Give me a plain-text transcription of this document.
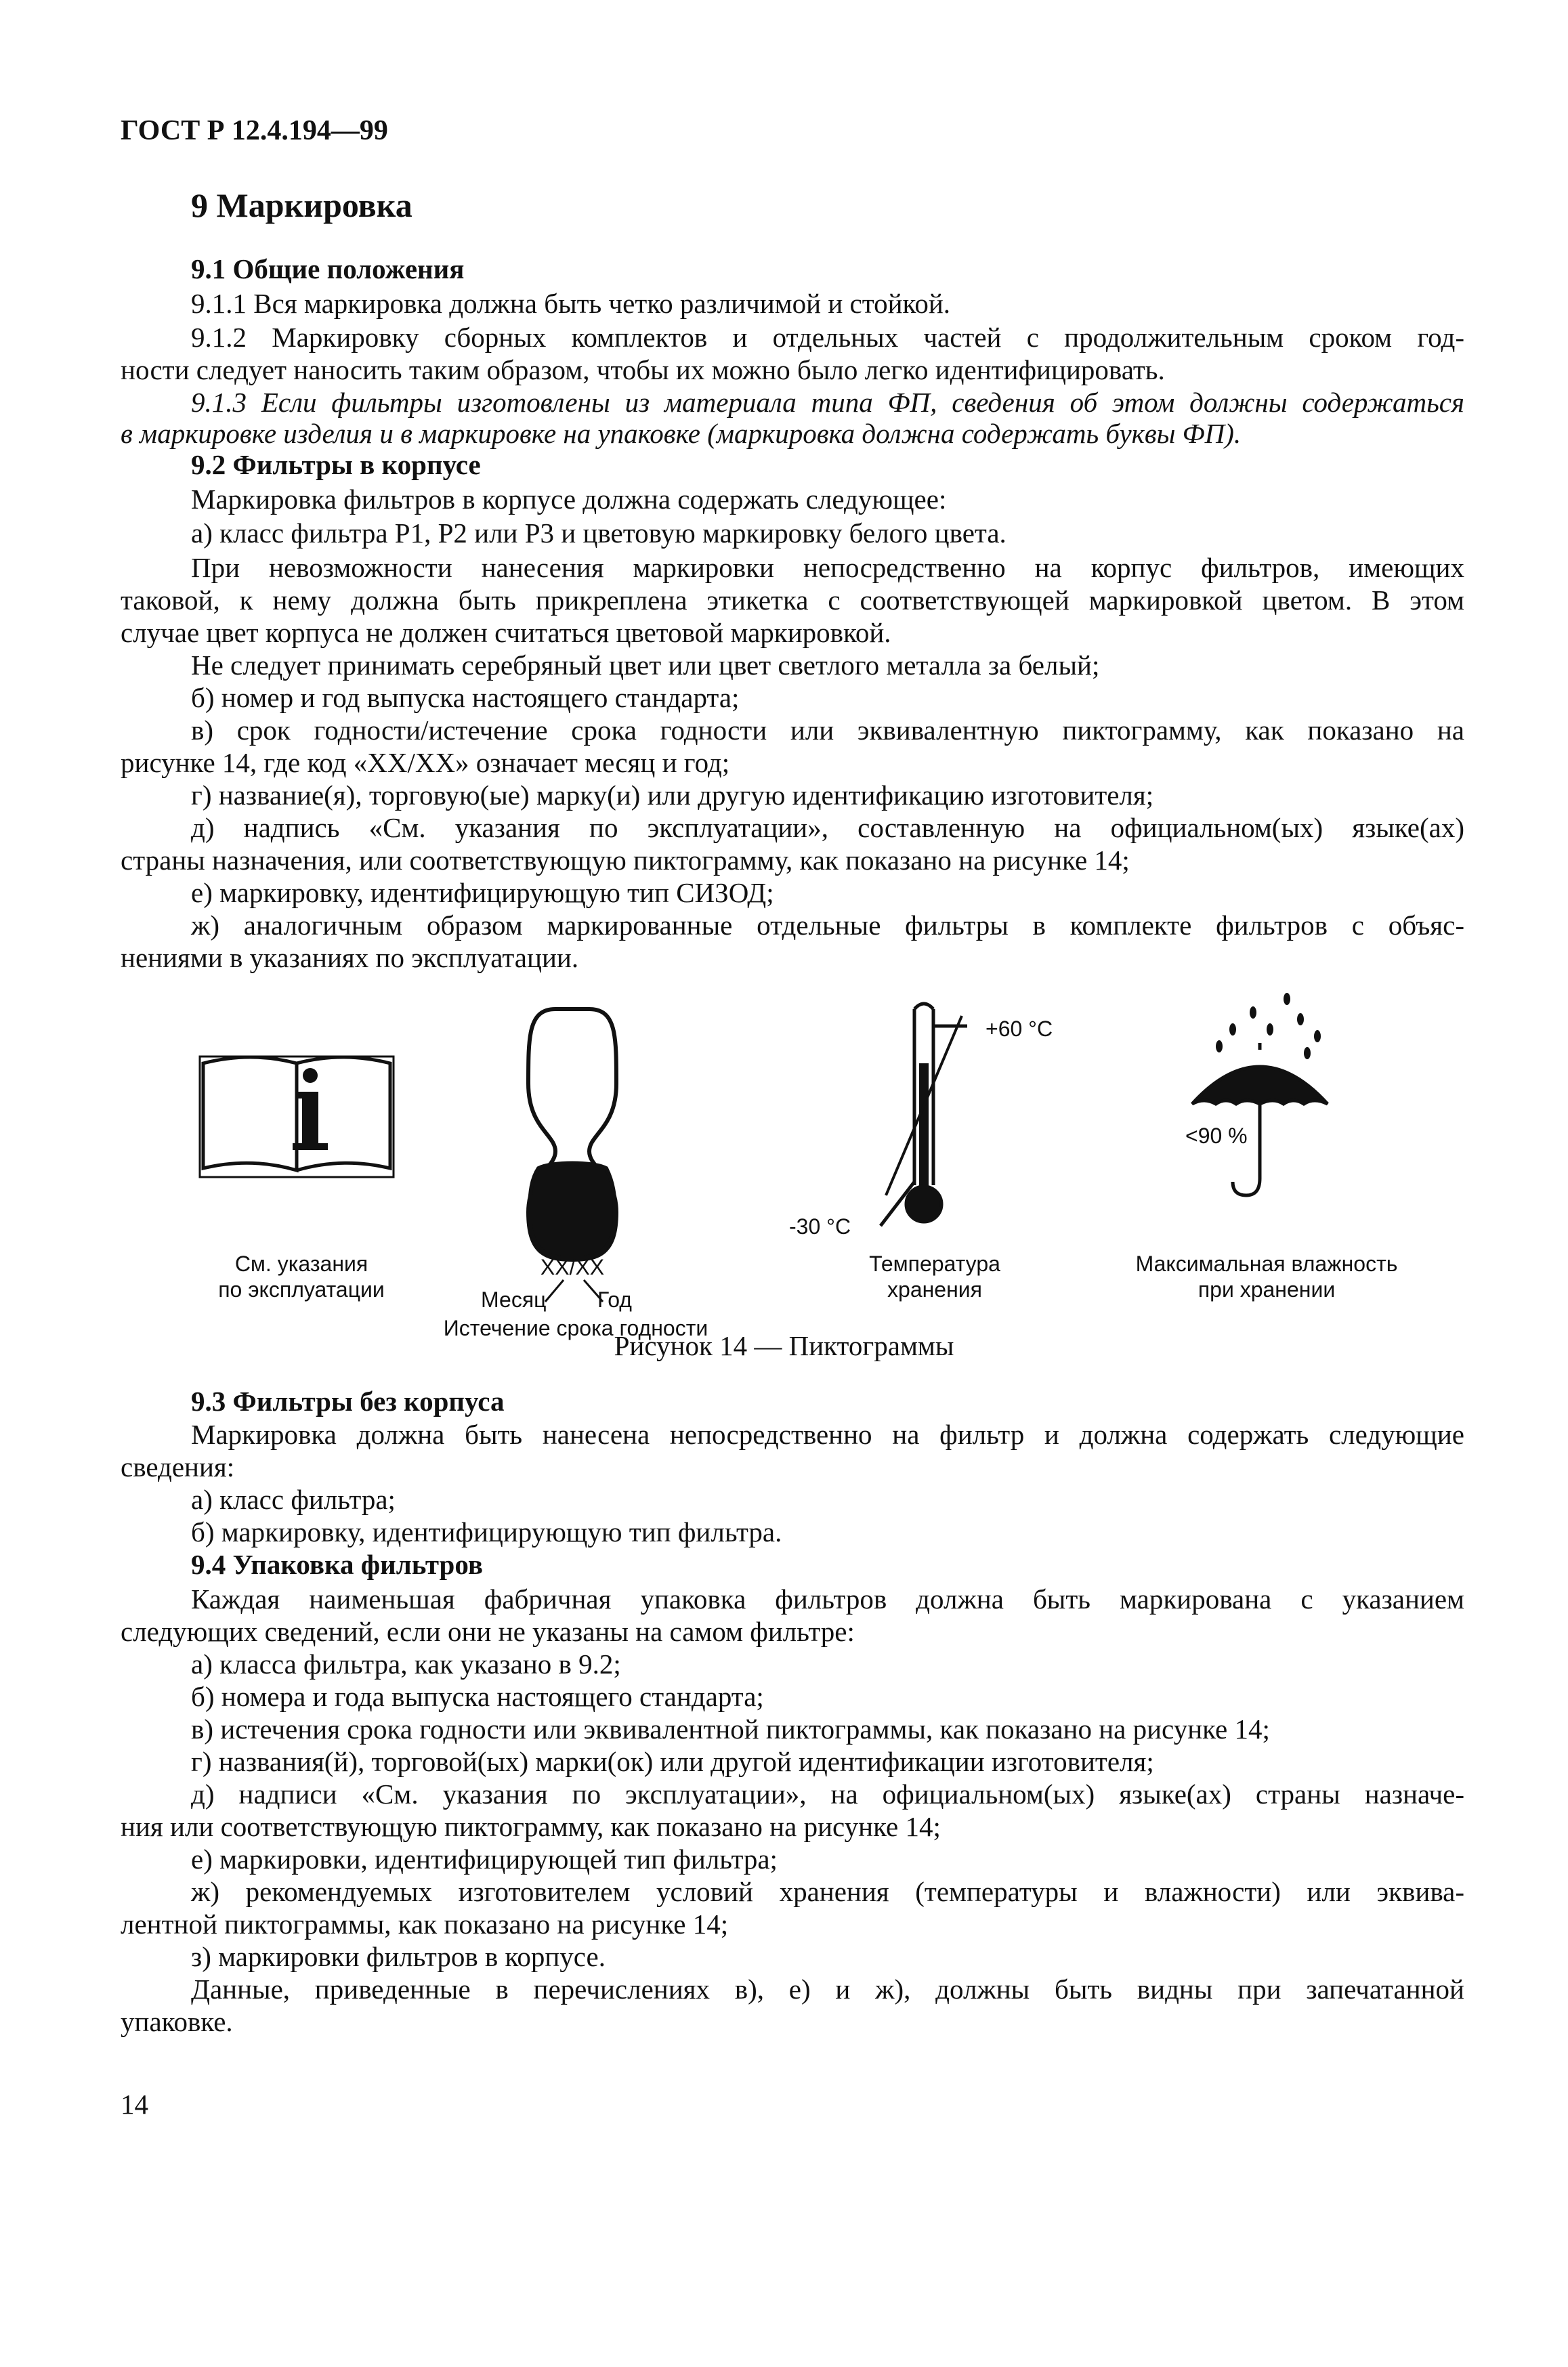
ГОСТ Р 12.4.194—99
9 Маркировка
9.1 Общие положения
9.1.1 Вся маркировка должна быть четко различимой и стойкой.
9.1.2 Маркировку сборных комплектов и отдельных частей с продолжительным сроком год-
ности следует наносить таким образом, чтобы их можно было легко идентифицировать.
9.1.3 Если фильтры изготовлены из материала типа ФП, сведения об этом должны содержаться
в маркировке изделия и в маркировке на упаковке (маркировка должна содержать буквы ФП).
9.2 Фильтры в корпусе
Маркировка фильтров в корпусе должна содержать следующее:
а) класс фильтра Р1, Р2 или Р3 и цветовую маркировку белого цвета.
При невозможности нанесения маркировки непосредственно на корпус фильтров, имеющих
таковой, к нему должна быть прикреплена этикетка с соответствующей маркировкой цветом. В этом
случае цвет корпуса не должен считаться цветовой маркировкой.
Не следует принимать серебряный цвет или цвет светлого металла за белый;
б) номер и год выпуска настоящего стандарта;
в) срок годности/истечение срока годности или эквивалентную пиктограмму, как показано на
рисунке 14, где код «XX/XX» означает месяц и год;
г) название(я), торговую(ые) марку(и) или другую идентификацию изготовителя;
д) надпись «См. указания по эксплуатации», составленную на официальном(ых) языке(ах)
страны назначения, или соответствующую пиктограмму, как показано на рисунке 14;
е) маркировку, идентифицирующую тип СИЗОД;
ж) аналогичным образом маркированные отдельные фильтры в комплекте фильтров с объяс-
нениями в указаниях по эксплуатации.
+60 °C
-30 °C
<90 %
См. указания
по эксплуатации
XX/XX
Месяц Год
Истечение срока годности
Температура
хранения
Максимальная влажность
при хранении
Рисунок 14 — Пиктограммы
9.3 Фильтры без корпуса
Маркировка должна быть нанесена непосредственно на фильтр и должна содержать следующие
сведения:
а) класс фильтра;
б) маркировку, идентифицирующую тип фильтра.
9.4 Упаковка фильтров
Каждая наименьшая фабричная упаковка фильтров должна быть маркирована с указанием
следующих сведений, если они не указаны на самом фильтре:
а) класса фильтра, как указано в 9.2;
б) номера и года выпуска настоящего стандарта;
в) истечения срока годности или эквивалентной пиктограммы, как показано на рисунке 14;
г) названия(й), торговой(ых) марки(ок) или другой идентификации изготовителя;
д) надписи «См. указания по эксплуатации», на официальном(ых) языке(ах) страны назначе-
ния или соответствующую пиктограмму, как показано на рисунке 14;
е) маркировки, идентифицирующей тип фильтра;
ж) рекомендуемых изготовителем условий хранения (температуры и влажности) или эквива-
лентной пиктограммы, как показано на рисунке 14;
з) маркировки фильтров в корпусе.
Данные, приведенные в перечислениях в), е) и ж), должны быть видны при запечатанной
упаковке.
14
